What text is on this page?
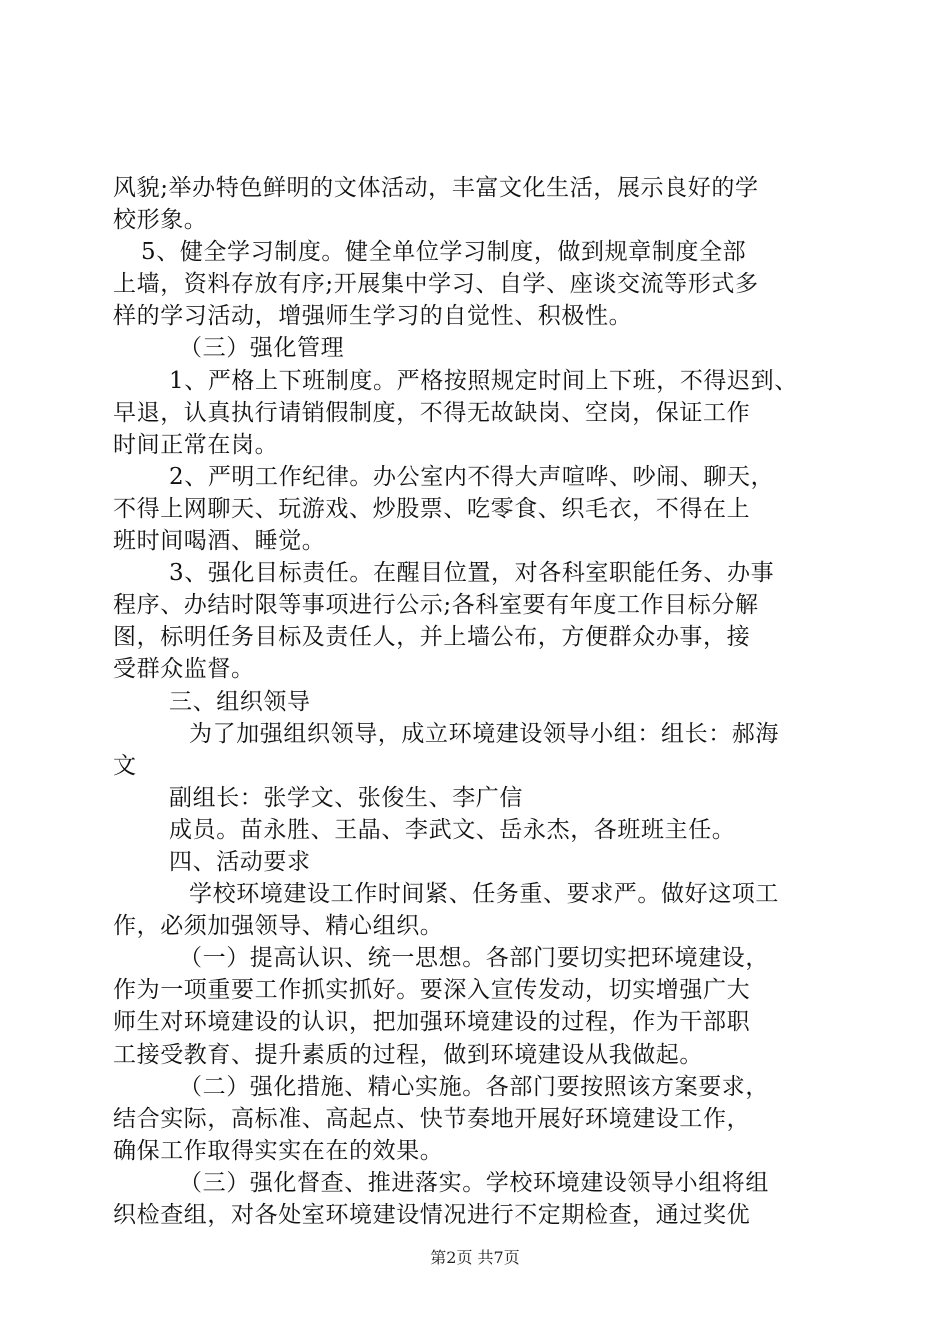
风貌;举办特色鲜明的文体活动，丰富文化生活，展示良好的学
校形象。
5、健全学习制度。健全单位学习制度，做到规章制度全部
上墙，资料存放有序;开展集中学习、自学、座谈交流等形式多
样的学习活动，增强师生学习的自觉性、积极性。
（三）强化管理
1、严格上下班制度。严格按照规定时间上下班，不得迟到、
早退，认真执行请销假制度，不得无故缺岗、空岗，保证工作
时间正常在岗。
2、严明工作纪律。办公室内不得大声喧哗、吵闹、聊天，
不得上网聊天、玩游戏、炒股票、吃零食、织毛衣，不得在上
班时间喝酒、睡觉。
3、强化目标责任。在醒目位置，对各科室职能任务、办事
程序、办结时限等事项进行公示;各科室要有年度工作目标分解
图，标明任务目标及责任人，并上墙公布，方便群众办事，接
受群众监督。
三、组织领导
为了加强组织领导，成立环境建设领导小组：组长：郝海
文
副组长：张学文、张俊生、李广信
成员。苗永胜、王晶、李武文、岳永杰，各班班主任。
四、活动要求
学校环境建设工作时间紧、任务重、要求严。做好这项工
作，必须加强领导、精心组织。
（一）提高认识、统一思想。各部门要切实把环境建设，
作为一项重要工作抓实抓好。要深入宣传发动，切实增强广大
师生对环境建设的认识，把加强环境建设的过程，作为干部职
工接受教育、提升素质的过程，做到环境建设从我做起。
（二）强化措施、精心实施。各部门要按照该方案要求，
结合实际，高标准、高起点、快节奏地开展好环境建设工作，
确保工作取得实实在在的效果。
（三）强化督查、推进落实。学校环境建设领导小组将组
织检查组，对各处室环境建设情况进行不定期检查，通过奖优
第2页 共7页
